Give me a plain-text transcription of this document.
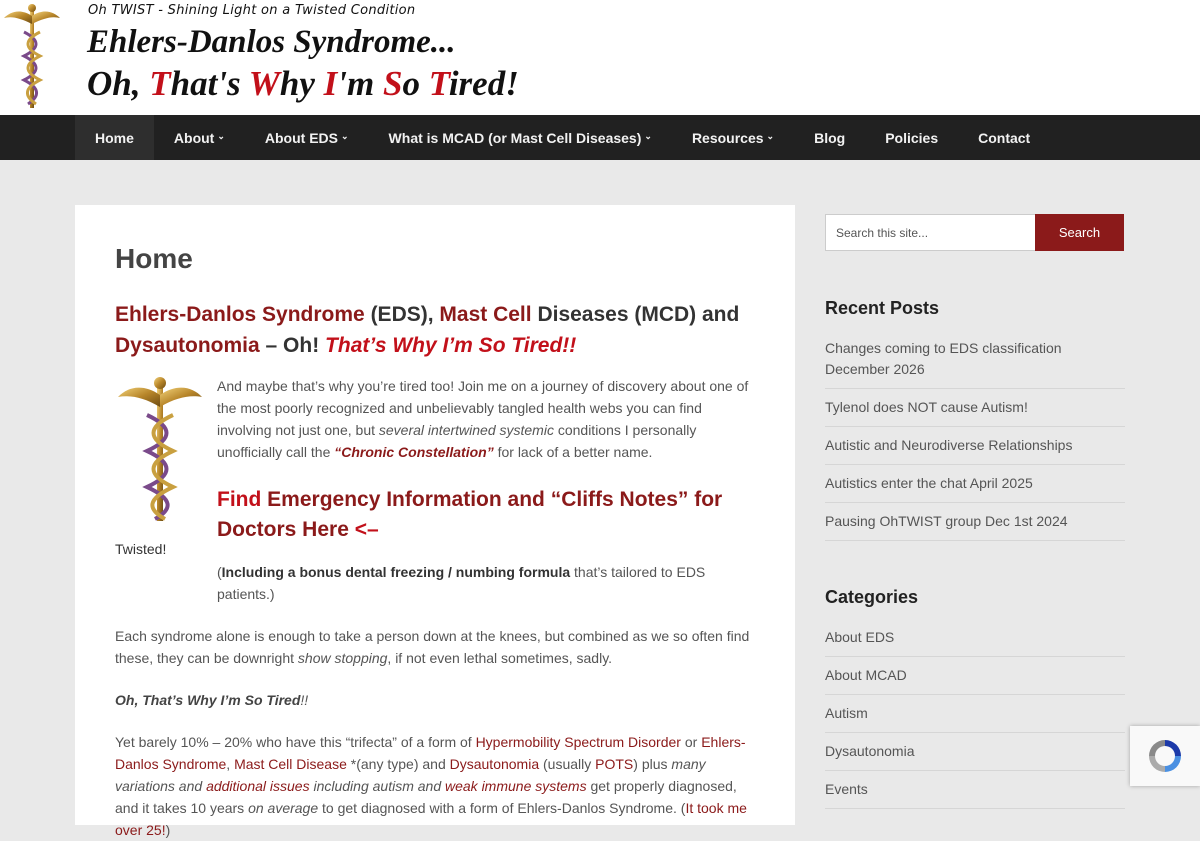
Oh TWIST - Shining Light on a Twisted Condition
Ehlers-Danlos Syndrome...
Oh, That's Why I'm So Tired!
Home	About ⌄	About EDS ⌄	What is MCAD (or Mast Cell Diseases) ⌄	Resources ⌄	Blog	Policies	Contact
Home
Ehlers-Danlos Syndrome (EDS), Mast Cell Diseases (MCD) and
Dysautonomia – Oh! That’s Why I’m So Tired!!
Twisted!

And maybe that’s why you’re tired too! Join me on a journey of discovery about one of the most poorly recognized and unbelievably tangled health webs you can find involving not just one, but several intertwined systemic conditions I personally unofficially call the “Chronic Constellation” for lack of a better name.

Find Emergency Information and “Cliffs Notes” for Doctors Here <–

(Including a bonus dental freezing / numbing formula that’s tailored to EDS patients.)

Each syndrome alone is enough to take a person down at the knees, but combined as we so often find these, they can be downright show stopping, if not even lethal sometimes, sadly.

Oh, That’s Why I’m So Tired!!

Yet barely 10% – 20% who have this “trifecta” of a form of Hypermobility Spectrum Disorder or Ehlers-Danlos Syndrome, Mast Cell Disease *(any type) and Dysautonomia (usually POTS) plus many variations and additional issues including autism and weak immune systems get properly diagnosed, and it takes 10 years on average to get diagnosed with a form of Ehlers-Danlos Syndrome. (It took me over 25!)

Search this site...
Search
Recent Posts
Changes coming to EDS classification December 2026
Tylenol does NOT cause Autism!
Autistic and Neurodiverse Relationships
Autistics enter the chat April 2025
Pausing OhTWIST group Dec 1st 2024
Categories
About EDS
About MCAD
Autism
Dysautonomia
Events
